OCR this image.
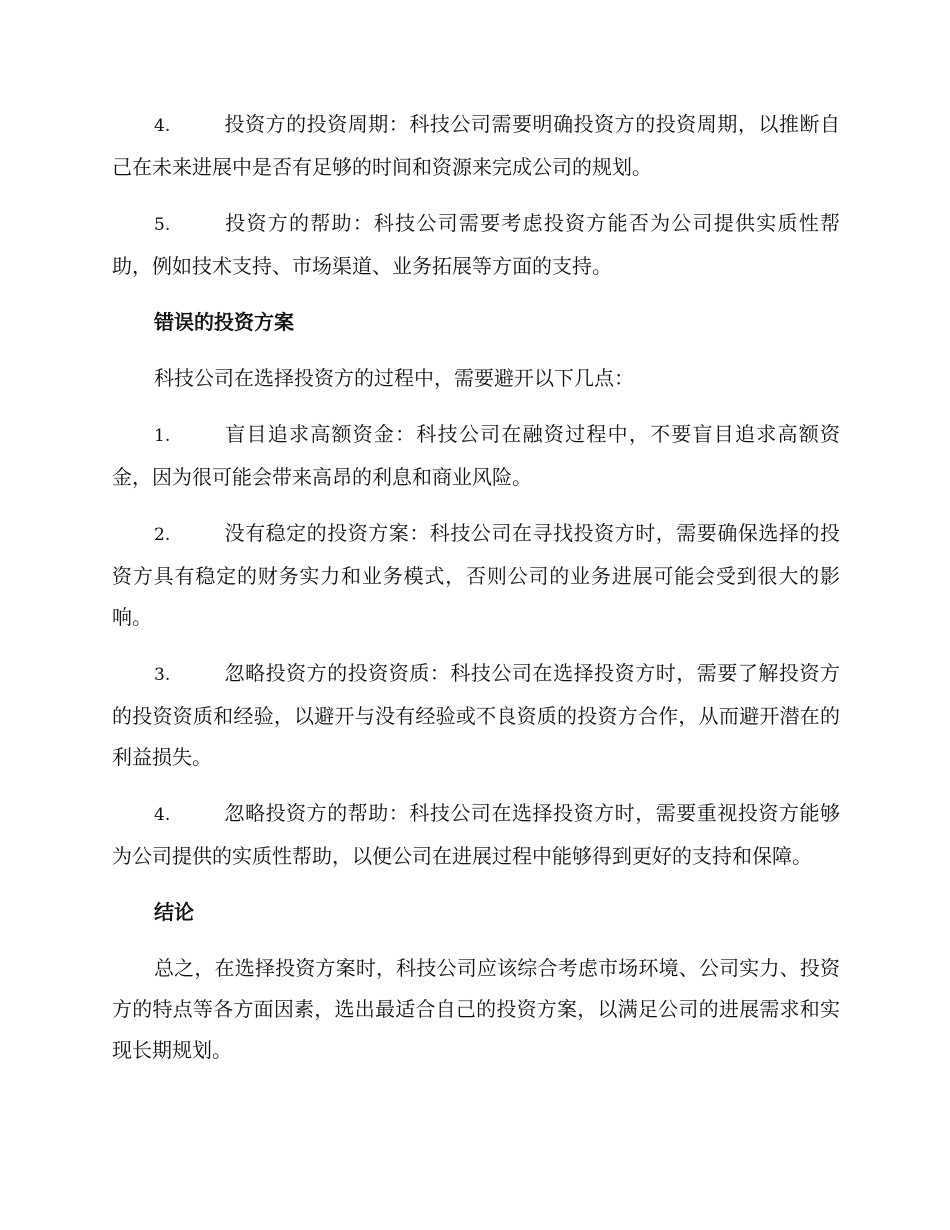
4.	投资方的投资周期：科技公司需要明确投资方的投资周期，以推断自己在未来进展中是否有足够的时间和资源来完成公司的规划。

5.	投资方的帮助：科技公司需要考虑投资方能否为公司提供实质性帮助，例如技术支持、市场渠道、业务拓展等方面的支持。

错误的投资方案

科技公司在选择投资方的过程中，需要避开以下几点：

1.	盲目追求高额资金：科技公司在融资过程中，不要盲目追求高额资金，因为很可能会带来高昂的利息和商业风险。

2.	没有稳定的投资方案：科技公司在寻找投资方时，需要确保选择的投资方具有稳定的财务实力和业务模式，否则公司的业务进展可能会受到很大的影响。

3.	忽略投资方的投资资质：科技公司在选择投资方时，需要了解投资方的投资资质和经验，以避开与没有经验或不良资质的投资方合作，从而避开潜在的利益损失。

4.	忽略投资方的帮助：科技公司在选择投资方时，需要重视投资方能够为公司提供的实质性帮助，以便公司在进展过程中能够得到更好的支持和保障。

结论

总之，在选择投资方案时，科技公司应该综合考虑市场环境、公司实力、投资方的特点等各方面因素，选出最适合自己的投资方案，以满足公司的进展需求和实现长期规划。
